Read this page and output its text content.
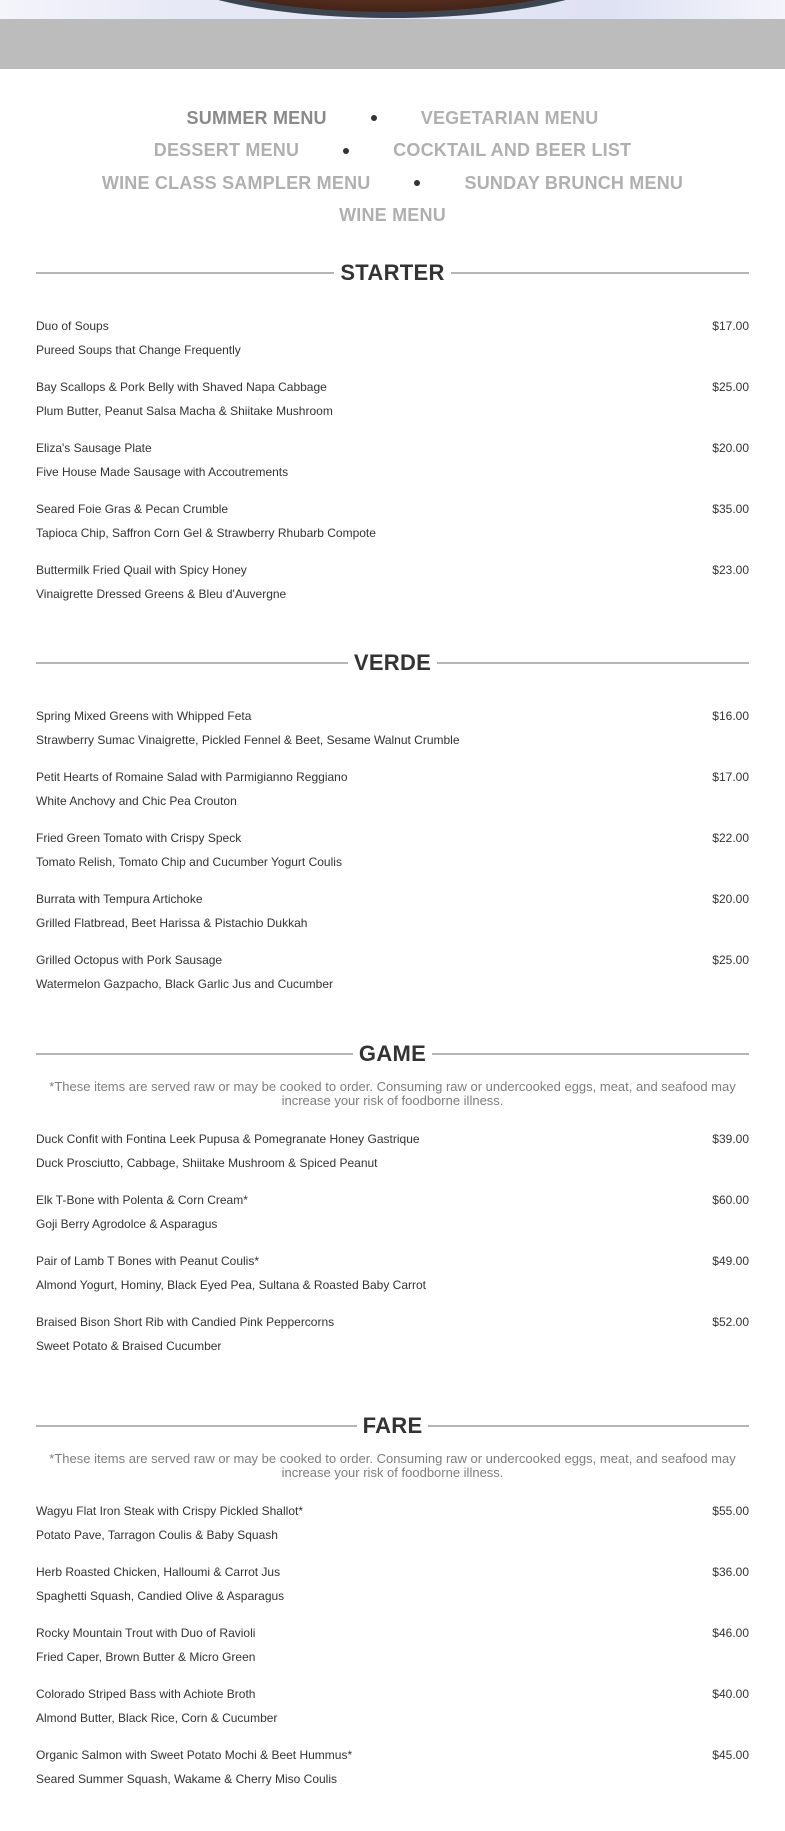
SUMMER MENU	VEGETARIAN MENU
DESSERT MENU	COCKTAIL AND BEER LIST
WINE CLASS SAMPLER MENU	SUNDAY BRUNCH MENU
WINE MENU
STARTER
Duo of Soups	$17.00
Pureed Soups that Change Frequently
Bay Scallops & Pork Belly with Shaved Napa Cabbage	$25.00
Plum Butter, Peanut Salsa Macha & Shiitake Mushroom
Eliza's Sausage Plate	$20.00
Five House Made Sausage with Accoutrements
Seared Foie Gras & Pecan Crumble	$35.00
Tapioca Chip, Saffron Corn Gel & Strawberry Rhubarb Compote
Buttermilk Fried Quail with Spicy Honey	$23.00
Vinaigrette Dressed Greens & Bleu d'Auvergne
VERDE
Spring Mixed Greens with Whipped Feta	$16.00
Strawberry Sumac Vinaigrette, Pickled Fennel & Beet, Sesame Walnut Crumble
Petit Hearts of Romaine Salad with Parmigianno Reggiano	$17.00
White Anchovy and Chic Pea Crouton
Fried Green Tomato with Crispy Speck	$22.00
Tomato Relish, Tomato Chip and Cucumber Yogurt Coulis
Burrata with Tempura Artichoke	$20.00
Grilled Flatbread, Beet Harissa & Pistachio Dukkah
Grilled Octopus with Pork Sausage	$25.00
Watermelon Gazpacho, Black Garlic Jus and Cucumber
GAME
*These items are served raw or may be cooked to order. Consuming raw or undercooked eggs, meat, and seafood may increase your risk of foodborne illness.
Duck Confit with Fontina Leek Pupusa & Pomegranate Honey Gastrique	$39.00
Duck Prosciutto, Cabbage, Shiitake Mushroom & Spiced Peanut
Elk T-Bone with Polenta & Corn Cream*	$60.00
Goji Berry Agrodolce & Asparagus
Pair of Lamb T Bones with Peanut Coulis*	$49.00
Almond Yogurt, Hominy, Black Eyed Pea, Sultana & Roasted Baby Carrot
Braised Bison Short Rib with Candied Pink Peppercorns	$52.00
Sweet Potato & Braised Cucumber
FARE
*These items are served raw or may be cooked to order. Consuming raw or undercooked eggs, meat, and seafood may increase your risk of foodborne illness.
Wagyu Flat Iron Steak with Crispy Pickled Shallot*	$55.00
Potato Pave, Tarragon Coulis & Baby Squash
Herb Roasted Chicken, Halloumi & Carrot Jus	$36.00
Spaghetti Squash, Candied Olive & Asparagus
Rocky Mountain Trout with Duo of Ravioli	$46.00
Fried Caper, Brown Butter & Micro Green
Colorado Striped Bass with Achiote Broth	$40.00
Almond Butter, Black Rice, Corn & Cucumber
Organic Salmon with Sweet Potato Mochi & Beet Hummus*	$45.00
Seared Summer Squash, Wakame & Cherry Miso Coulis
